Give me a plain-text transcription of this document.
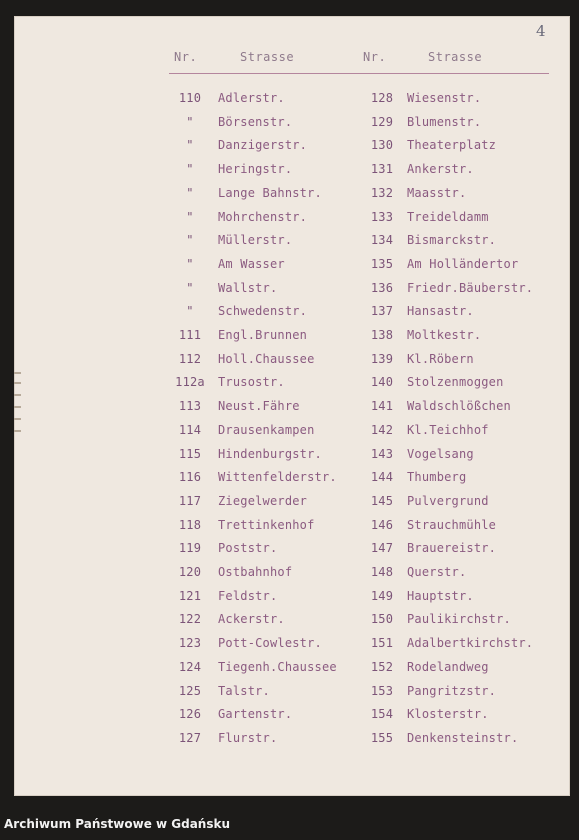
4
Nr.	Strasse	Nr.	Strasse
110	Adlerstr.	128	Wiesenstr.
"	Börsenstr.	129	Blumenstr.
"	Danzigerstr.	130	Theaterplatz
"	Heringstr.	131	Ankerstr.
"	Lange Bahnstr.	132	Maasstr.
"	Mohrchenstr.	133	Treideldamm
"	Müllerstr.	134	Bismarckstr.
"	Am Wasser	135	Am Holländertor
"	Wallstr.	136	Friedr.Bäuberstr.
"	Schwedenstr.	137	Hansastr.
111	Engl.Brunnen	138	Moltkestr.
112	Holl.Chaussee	139	Kl.Röbern
112a Trusostr.	140	Stolzenmoggen
113	Neust.Fähre	141	Waldschlößchen
114	Drausenkampen	142	Kl.Teichhof
115	Hindenburgstr.	143	Vogelsang
116	Wittenfelderstr.	144	Thumberg
117	Ziegelwerder	145	Pulvergrund
118	Trettinkenhof	146	Strauchmühle
119	Poststr.	147	Brauereistr.
120	Ostbahnhof	148	Querstr.
121	Feldstr.	149	Hauptstr.
122	Ackerstr.	150	Paulikirchstr.
123	Pott-Cowlestr.	151	Adalbertkirchstr.
124	Tiegenh.Chaussee	152	Rodelandweg
125	Talstr.	153	Pangritzstr.
126	Gartenstr.	154	Klosterstr.
127	Flurstr.	155	Denkensteinstr.
Archiwum Państwowe w Gdańsku
